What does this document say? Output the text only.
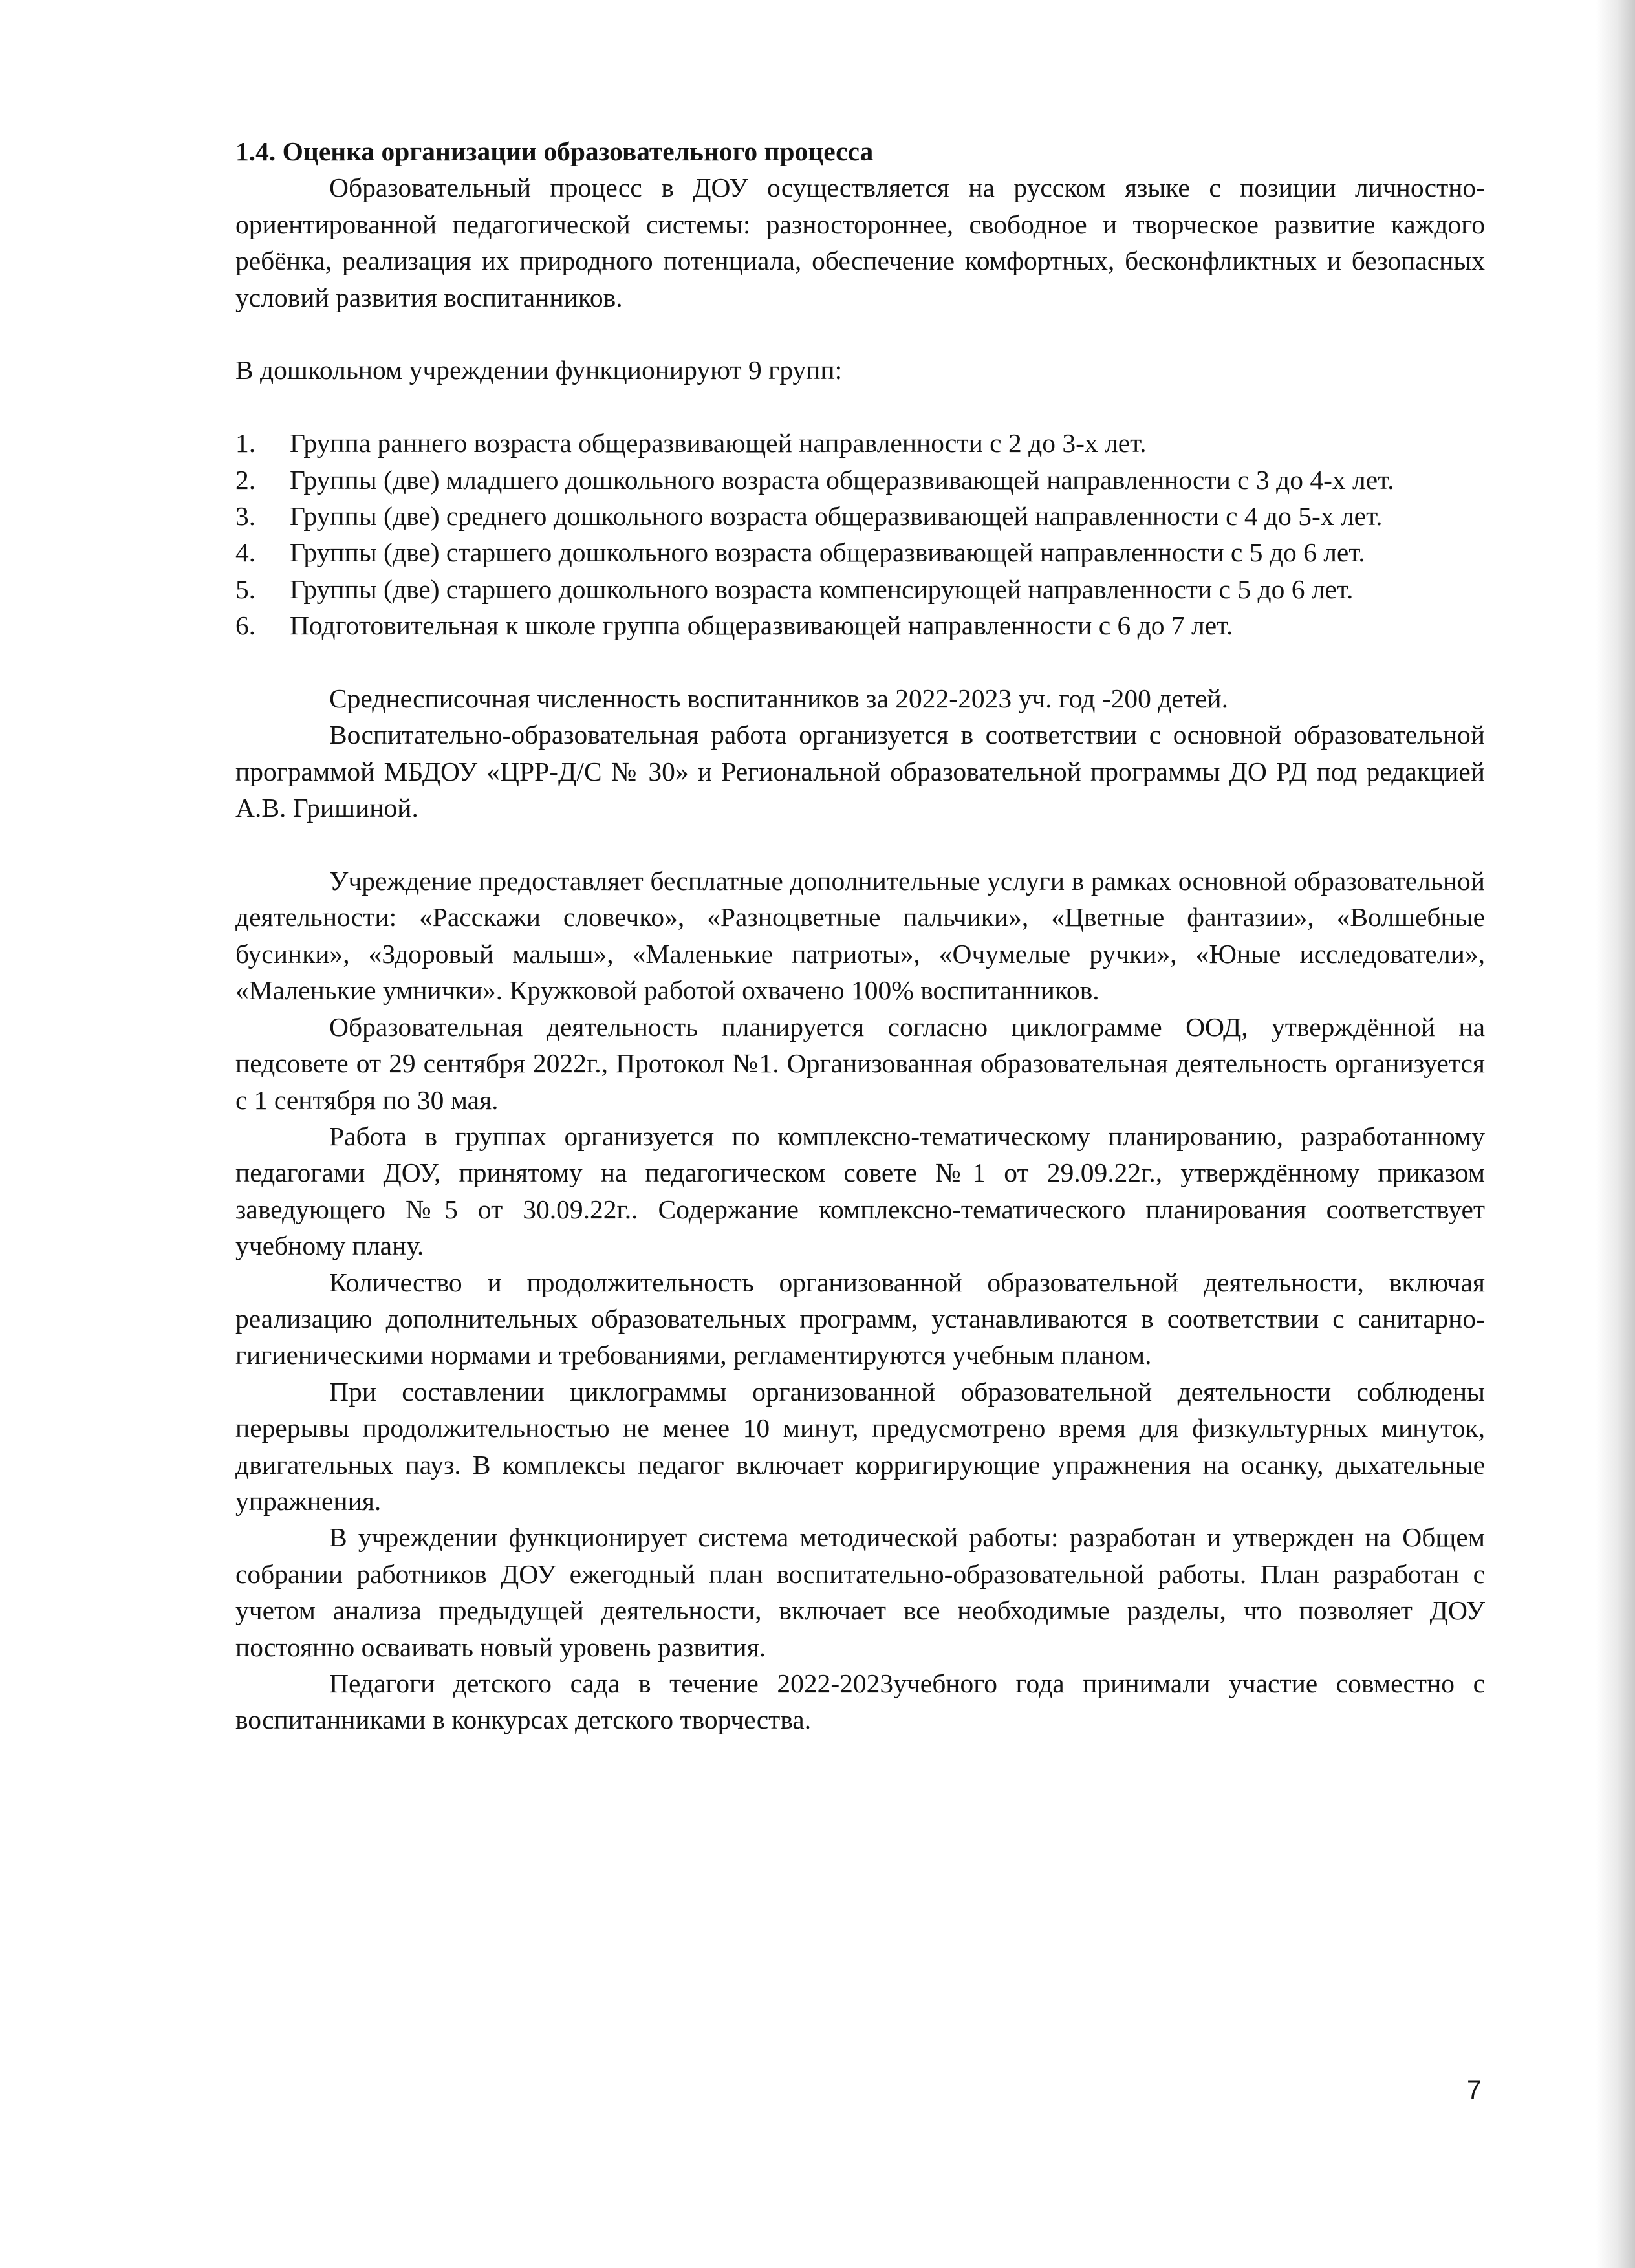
1.4. Оценка организации образовательного процесса

Образовательный процесс в ДОУ осуществляется на русском языке с позиции личностно-ориентированной педагогической системы: разностороннее, свободное и творческое развитие каждого ребёнка, реализация их природного потенциала, обеспечение комфортных, бесконфликтных и безопасных условий развития воспитанников.

В дошкольном учреждении функционируют 9 групп:

1. Группа раннего возраста общеразвивающей направленности с 2 до 3-х лет.
2. Группы (две) младшего дошкольного возраста общеразвивающей направленности с 3 до 4-х лет.
3. Группы (две) среднего дошкольного возраста общеразвивающей направленности с 4 до 5-х лет.
4. Группы (две) старшего дошкольного возраста общеразвивающей направленности с 5 до 6 лет.
5. Группы (две) старшего дошкольного возраста компенсирующей направленности с 5 до 6 лет.
6. Подготовительная к школе группа общеразвивающей направленности с 6 до 7 лет.

Среднесписочная численность воспитанников за 2022-2023 уч. год -200 детей.

Воспитательно-образовательная работа организуется в соответствии с основной образовательной программой МБДОУ «ЦРР-Д/С № 30» и Региональной образовательной программы ДО РД под редакцией А.В. Гришиной.

Учреждение предоставляет бесплатные дополнительные услуги в рамках основной образовательной деятельности: «Расскажи словечко», «Разноцветные пальчики», «Цветные фантазии», «Волшебные бусинки», «Здоровый малыш», «Маленькие патриоты», «Очумелые ручки», «Юные исследователи», «Маленькие умнички». Кружковой работой охвачено 100% воспитанников.

Образовательная деятельность планируется согласно циклограмме ООД, утверждённой на педсовете от 29 сентября 2022г., Протокол №1. Организованная образовательная деятельность организуется с 1 сентября по 30 мая.

Работа в группах организуется по комплексно-тематическому планированию, разработанному педагогами ДОУ, принятому на педагогическом совете №1 от 29.09.22г., утверждённому приказом заведующего №5 от 30.09.22г.. Содержание комплексно-тематического планирования соответствует учебному плану.

Количество и продолжительность организованной образовательной деятельности, включая реализацию дополнительных образовательных программ, устанавливаются в соответствии с санитарно-гигиеническими нормами и требованиями, регламентируются учебным планом.

При составлении циклограммы организованной образовательной деятельности соблюдены перерывы продолжительностью не менее 10 минут, предусмотрено время для физкультурных минуток, двигательных пауз. В комплексы педагог включает корригирующие упражнения на осанку, дыхательные упражнения.

В учреждении функционирует система методической работы: разработан и утвержден на Общем собрании работников ДОУ ежегодный план воспитательно-образовательной работы. План разработан с учетом анализа предыдущей деятельности, включает все необходимые разделы, что позволяет ДОУ постоянно осваивать новый уровень развития.

Педагоги детского сада в течение 2022-2023учебного года принимали участие совместно с воспитанниками в конкурсах детского творчества.

7
